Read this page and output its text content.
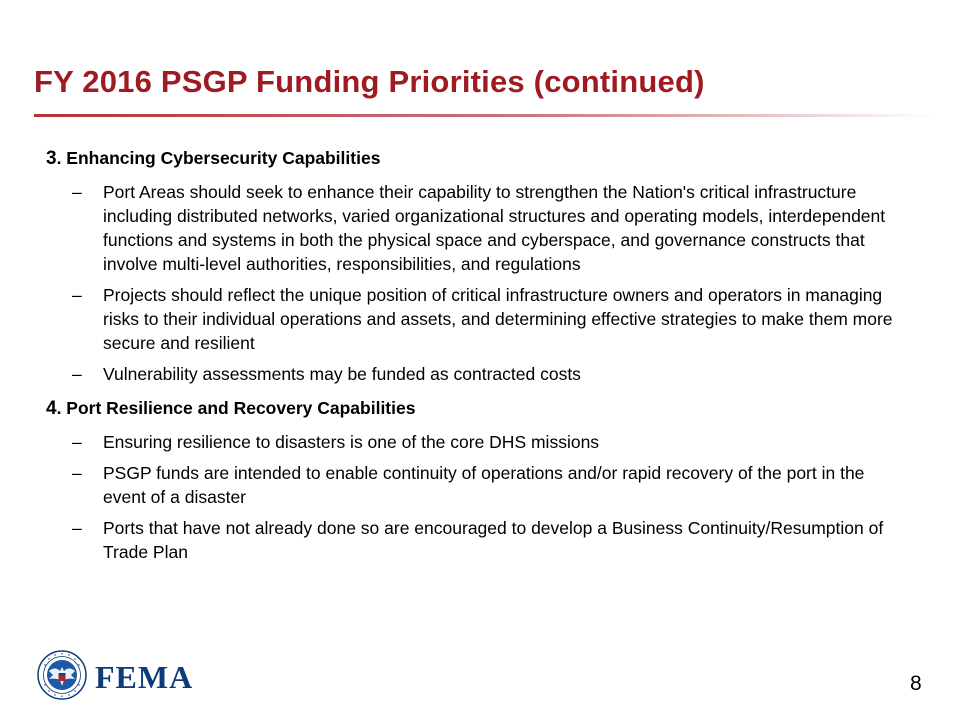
FY 2016 PSGP Funding Priorities (continued)
3. Enhancing Cybersecurity Capabilities
– Port Areas should seek to enhance their capability to strengthen the Nation's critical infrastructure including distributed networks, varied organizational structures and operating models, interdependent functions and systems in both the physical space and cyberspace, and governance constructs that involve multi-level authorities, responsibilities, and regulations
– Projects should reflect the unique position of critical infrastructure owners and operators in managing risks to their individual operations and assets, and determining effective strategies to make them more secure and resilient
– Vulnerability assessments may be funded as contracted costs
4. Port Resilience and Recovery Capabilities
– Ensuring resilience to disasters is one of the core DHS missions
– PSGP funds are intended to enable continuity of operations and/or rapid recovery of the port in the event of a disaster
– Ports that have not already done so are encouraged to develop a Business Continuity/Resumption of Trade Plan
FEMA	8
